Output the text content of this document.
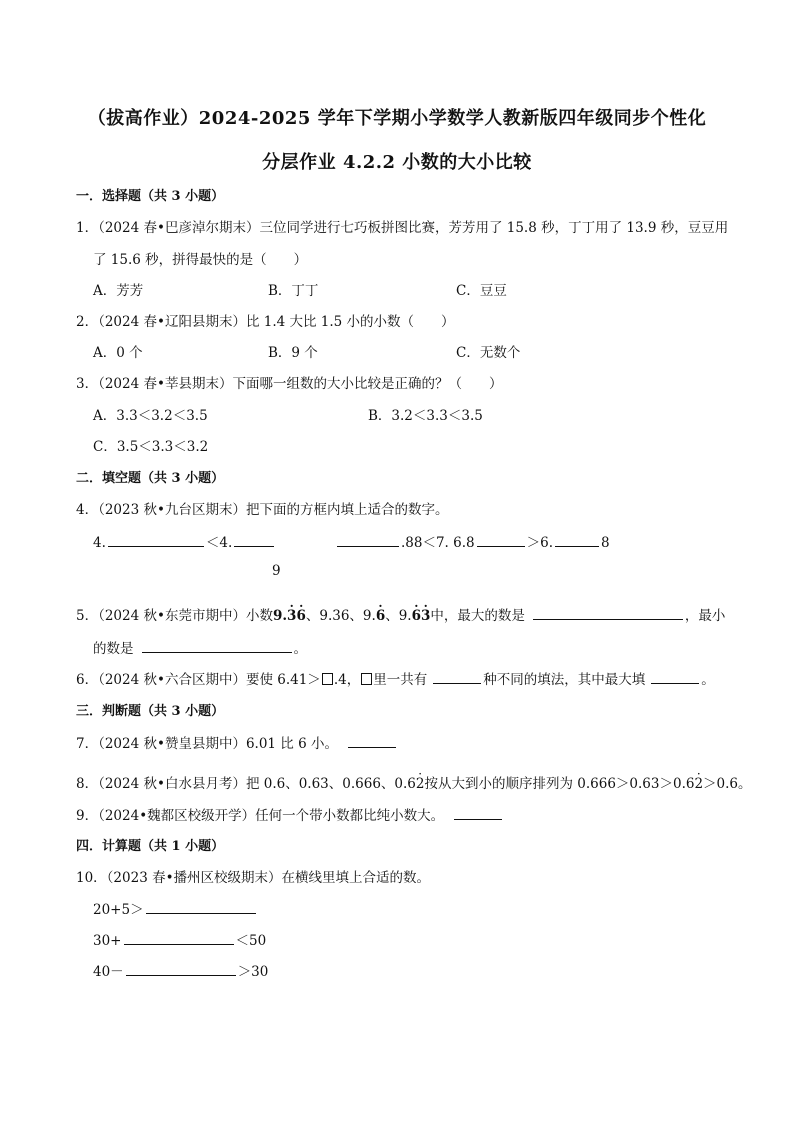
（拔高作业）2024-2025 学年下学期小学数学人教新版四年级同步个性化
分层作业 4.2.2 小数的大小比较
一．选择题（共 3 小题）
1．（2024 春•巴彦淖尔期末）三位同学进行七巧板拼图比赛，芳芳用了 15.8 秒，丁丁用了 13.9 秒，豆豆用
了 15.6 秒，拼得最快的是（　　）
A．芳芳	B．丁丁	C．豆豆
2．（2024 春•辽阳县期末）比 1.4 大比 1.5 小的小数（　　）
A．0 个	B．9 个	C．无数个
3．（2024 春•莘县期末）下面哪一组数的大小比较是正确的？（　　）
A．3.3＜3.2＜3.5	B．3.2＜3.3＜3.5
C．3.5＜3.3＜3.2
二．填空题（共 3 小题）
4．（2023 秋•九台区期末）把下面的方框内填上适合的数字。
4.	＜4.	.88＜7. 6.8	＞6.	8
9
5．（2024 秋•东莞市期中）小数9.· 3· 6、9.36、9.· 6、9.· 6· 3中，最大的数是	，最小
的数是	。
6．（2024 秋•六合区期中）要使 6.41＞ .4， 里一共有	种不同的填法，其中最大填	。
三．判断题（共 3 小题）
7．（2024 秋•赞皇县期中）6.01 比 6 小。
8．（2024 秋•白水县月考）把 0.6、0.63、0.666、0.6· 2按从大到小的顺序排列为 0.666＞0.63＞0.6· 2＞0.6。
9．（2024•魏都区校级开学）任何一个带小数都比纯小数大。
四．计算题（共 1 小题）
10．（2023 春•播州区校级期末）在横线里填上合适的数。
20+5＞
30+	＜50
40－	＞30
